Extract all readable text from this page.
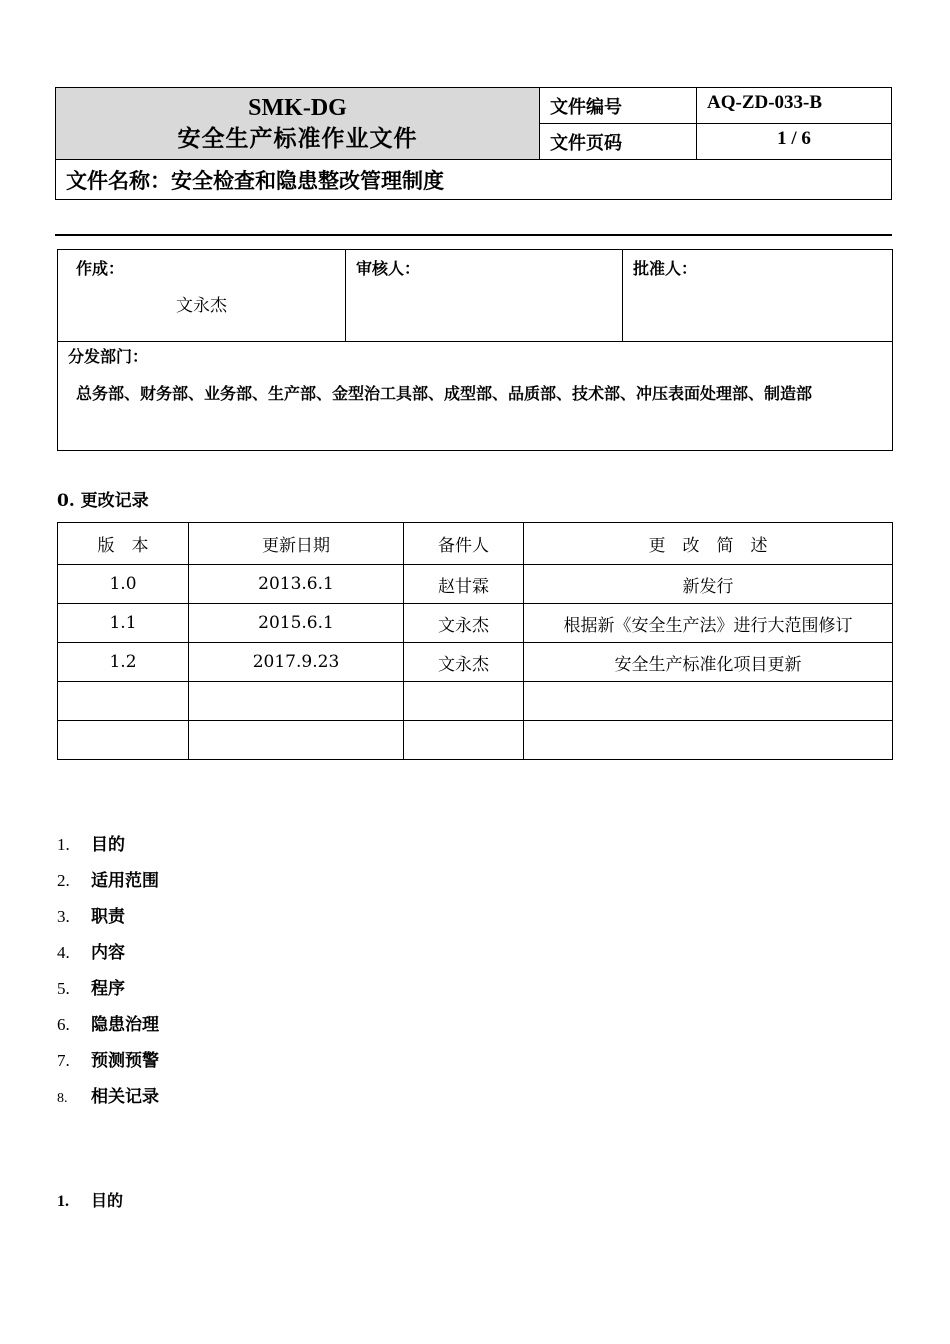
SMK-DG
安全生产标准作业文件	文件编号	AQ-ZD-033-B
	文件页码	1 / 6
文件名称：安全检查和隐患整改管理制度		
作成：
文永杰

审核人：	批准人：

分发部门：
总务部、财务部、业务部、生产部、金型治工具部、成型部、品质部、技术部、冲压表面处理部、制造部
0. 更改记录
版　本	更新日期	备件人	更　改　简　述
1.0	2013.6.1	赵甘霖	新发行
1.1	2015.6.1	文永杰	根据新《安全生产法》进行大范围修订
1.2	2017.9.23	文永杰	安全生产标准化项目更新

1. 目的
2. 适用范围
3. 职责
4. 内容
5. 程序
6. 隐患治理
7. 预测预警
8. 相关记录
1. 目的
